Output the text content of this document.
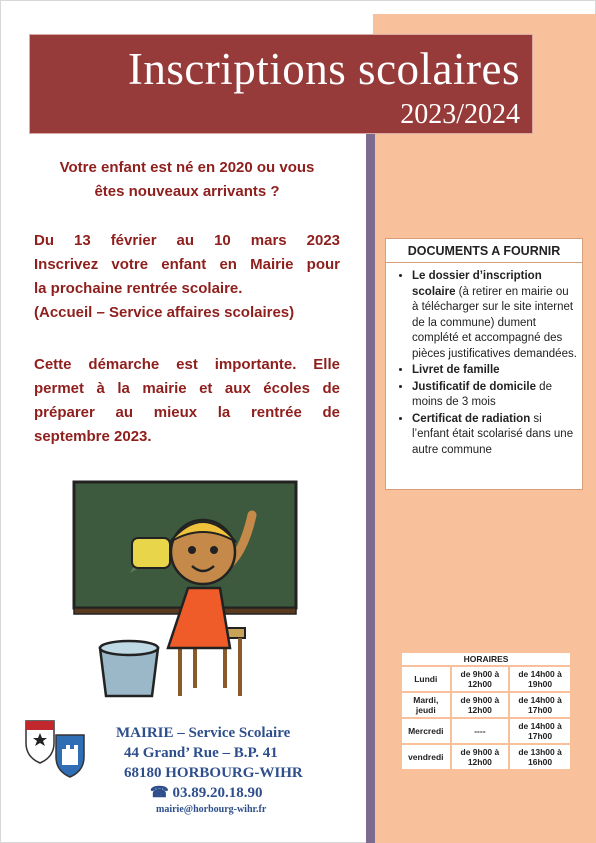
Inscriptions scolaires
2023/2024
Votre enfant est né en 2020 ou vous
êtes nouveaux arrivants ?
Du 13 février au 10 mars 2023
Inscrivez votre enfant en Mairie pour
la prochaine rentrée scolaire.
(Accueil – Service affaires scolaires)
Cette démarche est importante. Elle
permet à la mairie et aux écoles de
préparer au mieux la rentrée de
septembre 2023.
DOCUMENTS A FOURNIR
• Le dossier d’inscription scolaire (à retirer en mairie ou à télécharger sur le site internet de la commune) dument complété et accompagné des pièces justificatives demandées.
• Livret de famille
• Justificatif de domicile de moins de 3 mois
• Certificat de radiation si l’enfant était scolarisé dans une autre commune
HORAIRES		
Lundi	de 9h00 à 12h00	de 14h00 à 19h00
Mardi, jeudi	de 9h00 à 12h00	de 14h00 à 17h00
Mercredi	----	de 14h00 à 17h00
vendredi	de 9h00 à 12h00	de 13h00 à 16h00
MAIRIE – Service Scolaire
44 Grand’ Rue – B.P. 41
68180 HORBOURG-WIHR
☎ 03.89.20.18.90
mairie@horbourg-wihr.fr
